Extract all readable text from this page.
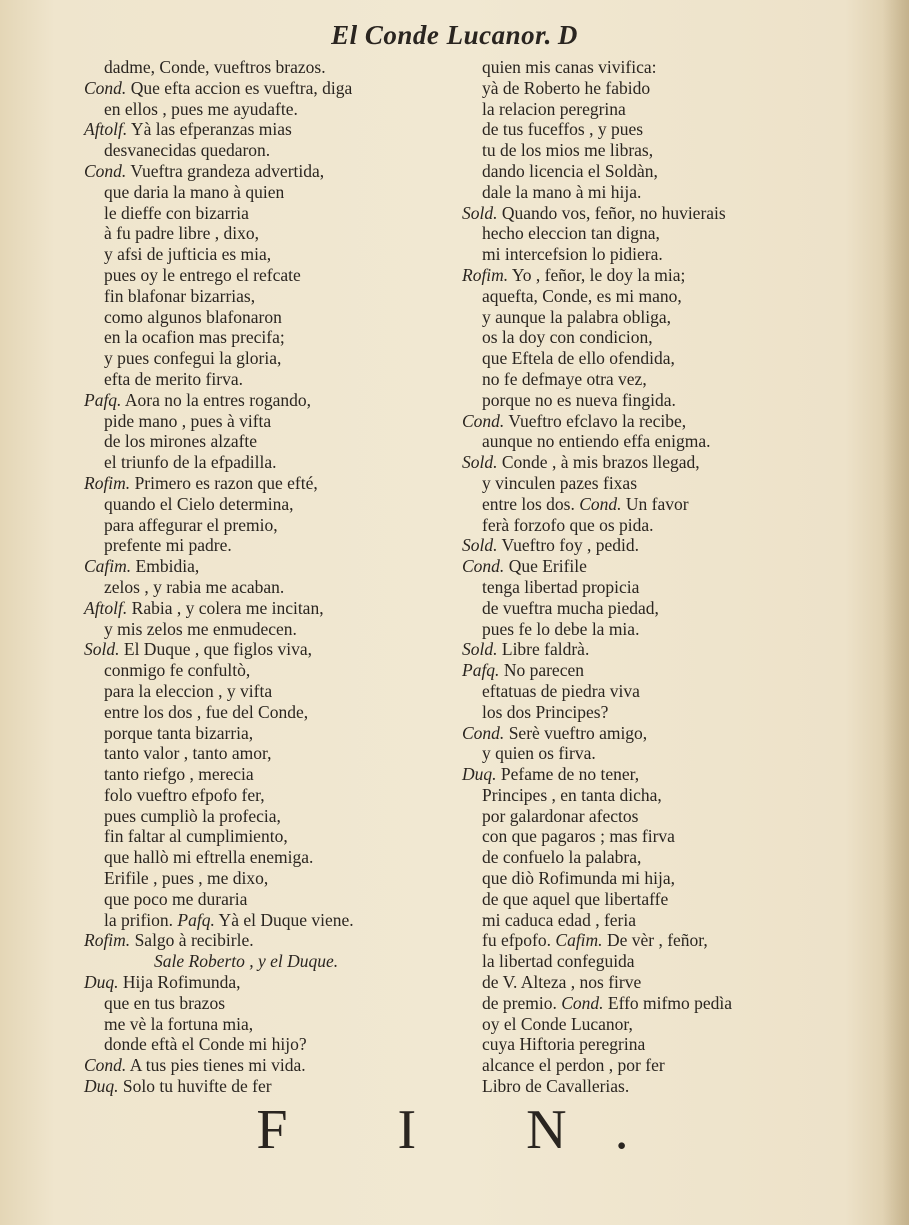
El Conde Lucanor. D
dadme, Conde, vueftros brazos.
Cond. Que efta accion es vueftra, diga
en ellos , pues me ayudafte.
Aftolf. Yà las efperanzas mias
desvanecidas quedaron.
Cond. Vueftra grandeza advertida,
que daria la mano à quien
le dieffe con bizarria
à fu padre libre , dixo,
y afsi de jufticia es mia,
pues oy le entrego el refcate
fin blafonar bizarrias,
como algunos blafonaron
en la ocafion mas precifa;
y pues confegui la gloria,
efta de merito firva.
Pafq. Aora no la entres rogando,
pide mano , pues à vifta
de los mirones alzafte
el triunfo de la efpadilla.
Rofim. Primero es razon que efté,
quando el Cielo determina,
para affegurar el premio,
prefente mi padre.
Cafim. Embidia,
zelos , y rabia me acaban.
Aftolf. Rabia , y colera me incitan,
y mis zelos me enmudecen.
Sold. El Duque , que figlos viva,
conmigo fe confultò,
para la eleccion , y vifta
entre los dos , fue del Conde,
porque tanta bizarria,
tanto valor , tanto amor,
tanto riefgo , merecia
folo vueftro efpofo fer,
pues cumpliò la profecia,
fin faltar al cumplimiento,
que hallò mi eftrella enemiga.
Erifile , pues , me dixo,
que poco me duraria
la prifion. Pafq. Yà el Duque viene.
Rofim. Salgo à recibirle.
Sale Roberto , y el Duque.
Duq. Hija Rofimunda,
que en tus brazos
me vè la fortuna mia,
donde eftà el Conde mi hijo?
Cond. A tus pies tienes mi vida.
Duq. Solo tu huvifte de fer
quien mis canas vivifica:
yà de Roberto he fabido
la relacion peregrina
de tus fuceffos , y pues
tu de los mios me libras,
dando licencia el Soldàn,
dale la mano à mi hija.
Sold. Quando vos, feñor, no huvierais
hecho eleccion tan digna,
mi intercefsion lo pidiera.
Rofim. Yo , feñor, le doy la mia;
aquefta, Conde, es mi mano,
y aunque la palabra obliga,
os la doy con condicion,
que Eftela de ello ofendida,
no fe defmaye otra vez,
porque no es nueva fingida.
Cond. Vueftro efclavo la recibe,
aunque no entiendo effa enigma.
Sold. Conde , à mis brazos llegad,
y vinculen pazes fixas
entre los dos. Cond. Un favor
ferà forzofo que os pida.
Sold. Vueftro foy , pedid.
Cond. Que Erifile
tenga libertad propicia
de vueftra mucha piedad,
pues fe lo debe la mia.
Sold. Libre faldrà.
Pafq. No parecen
eftatuas de piedra viva
los dos Principes?
Cond. Serè vueftro amigo,
y quien os firva.
Duq. Pefame de no tener,
Principes , en tanta dicha,
por galardonar afectos
con que pagaros ; mas firva
de confuelo la palabra,
que diò Rofimunda mi hija,
de que aquel que libertaffe
mi caduca edad , feria
fu efpofo. Cafim. De vèr , feñor,
la libertad confeguida
de V. Alteza , nos firve
de premio. Cond. Effo mifmo pedìa
oy el Conde Lucanor,
cuya Hiftoria peregrina
alcance el perdon , por fer
Libro de Cavallerias.
F I N.
